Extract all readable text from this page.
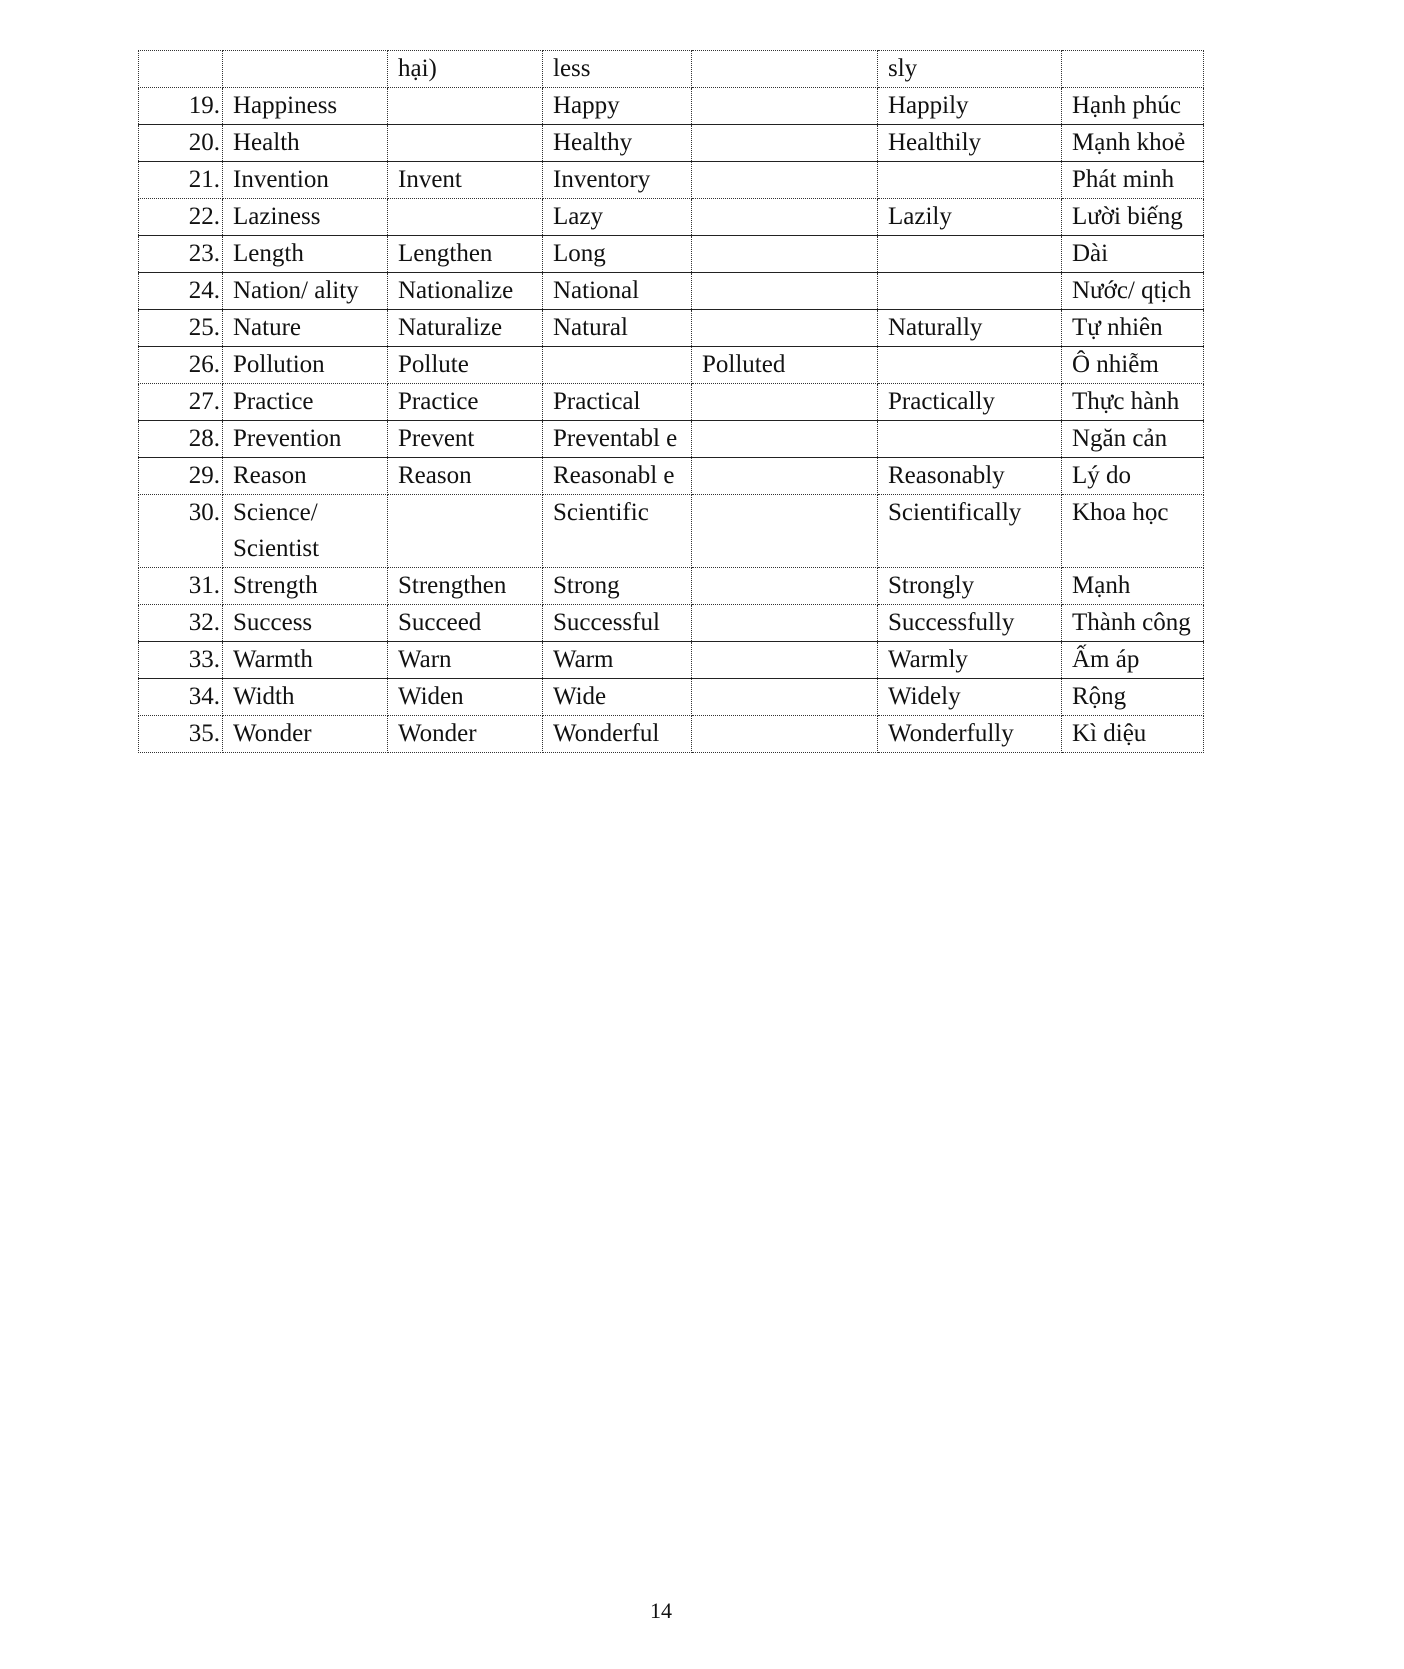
		hại)	less		sly	
19.	Happiness		Happy		Happily	Hạnh phúc
20.	Health		Healthy		Healthily	Mạnh khoẻ
21.	Invention	Invent	Inventory			Phát minh
22.	Laziness		Lazy		Lazily	Lười biếng
23.	Length	Lengthen	Long			Dài
24.	Nation/ ality	Nationalize	National			Nước/ qtịch
25.	Nature	Naturalize	Natural		Naturally	Tự nhiên
26.	Pollution	Pollute		Polluted		Ô nhiễm
27.	Practice	Practice	Practical		Practically	Thực hành
28.	Prevention	Prevent	Preventabl e			Ngăn cản
29.	Reason	Reason	Reasonabl e		Reasonably	Lý do
30.	Science/ Scientist		Scientific		Scientifically	Khoa học
31.	Strength	Strengthen	Strong		Strongly	Mạnh
32.	Success	Succeed	Successful		Successfully	Thành công
33.	Warmth	Warn	Warm		Warmly	Ấm áp
34.	Width	Widen	Wide		Widely	Rộng
35.	Wonder	Wonder	Wonderful		Wonderfully	Kì diệu
14
